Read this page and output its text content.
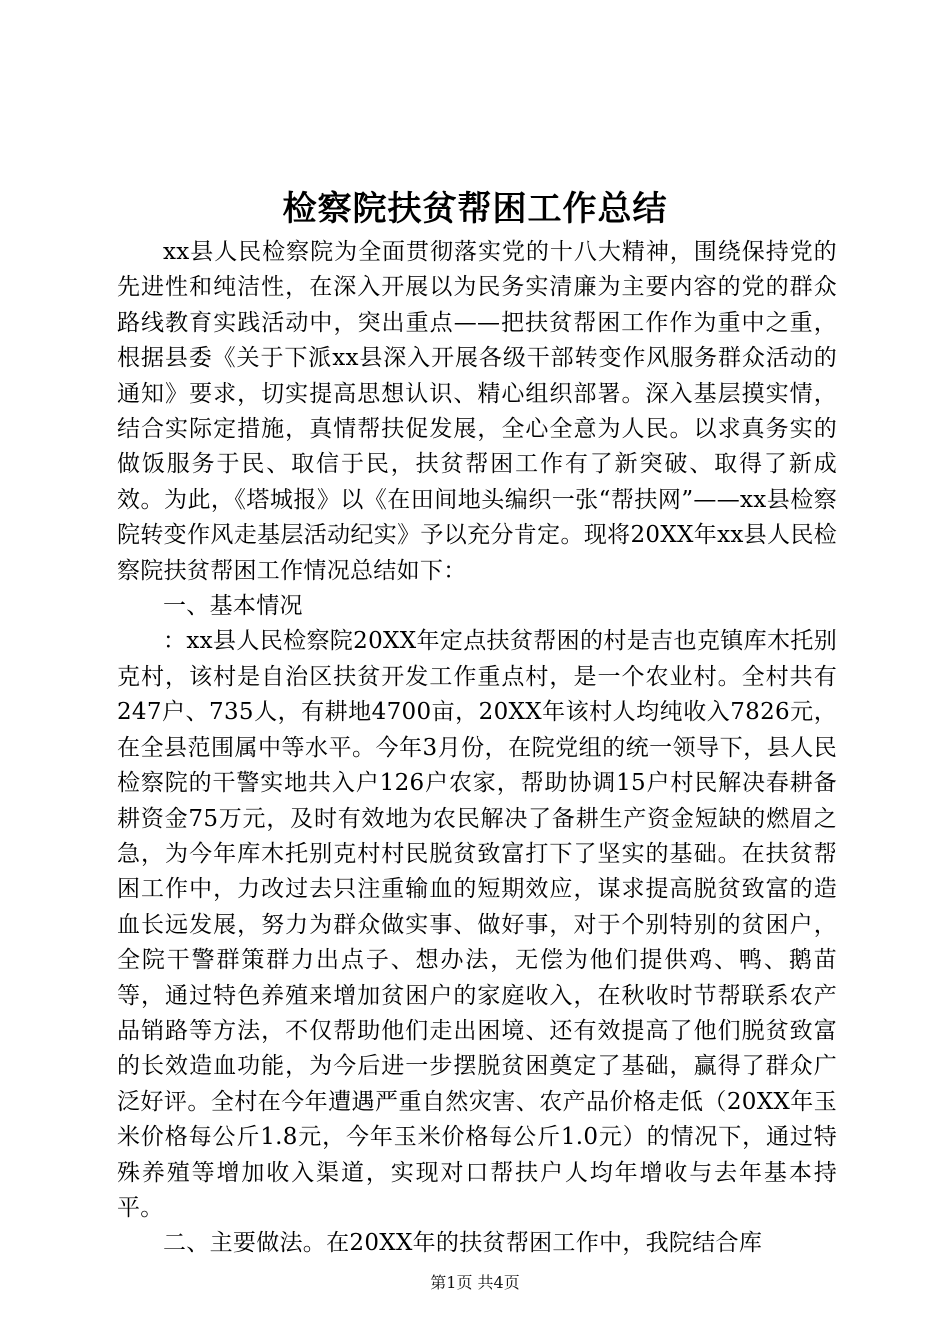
检察院扶贫帮困工作总结

xx县人民检察院为全面贯彻落实党的十八大精神，围绕保持党的先进性和纯洁性，在深入开展以为民务实清廉为主要内容的党的群众路线教育实践活动中，突出重点——把扶贫帮困工作作为重中之重，根据县委《关于下派xx县深入开展各级干部转变作风服务群众活动的通知》要求，切实提高思想认识、精心组织部署。深入基层摸实情，结合实际定措施，真情帮扶促发展，全心全意为人民。以求真务实的做饭服务于民、取信于民，扶贫帮困工作有了新突破、取得了新成效。为此，《塔城报》以《在田间地头编织一张“帮扶网”——xx县检察院转变作风走基层活动纪实》予以充分肯定。现将20XX年xx县人民检察院扶贫帮困工作情况总结如下：

一、基本情况

：xx县人民检察院20XX年定点扶贫帮困的村是吉也克镇库木托别克村，该村是自治区扶贫开发工作重点村，是一个农业村。全村共有247户、735人，有耕地4700亩，20XX年该村人均纯收入7826元，在全县范围属中等水平。今年3月份，在院党组的统一领导下，县人民检察院的干警实地共入户126户农家，帮助协调15户村民解决春耕备耕资金75万元，及时有效地为农民解决了备耕生产资金短缺的燃眉之急，为今年库木托别克村村民脱贫致富打下了坚实的基础。在扶贫帮困工作中，力改过去只注重输血的短期效应，谋求提高脱贫致富的造血长远发展，努力为群众做实事、做好事，对于个别特别的贫困户，全院干警群策群力出点子、想办法，无偿为他们提供鸡、鸭、鹅苗等，通过特色养殖来增加贫困户的家庭收入，在秋收时节帮联系农产品销路等方法，不仅帮助他们走出困境、还有效提高了他们脱贫致富的长效造血功能，为今后进一步摆脱贫困奠定了基础，赢得了群众广泛好评。全村在今年遭遇严重自然灾害、农产品价格走低（20XX年玉米价格每公斤1.8元，今年玉米价格每公斤1.0元）的情况下，通过特殊养殖等增加收入渠道，实现对口帮扶户人均年增收与去年基本持平。

二、主要做法。在20XX年的扶贫帮困工作中，我院结合库

第1页 共4页
